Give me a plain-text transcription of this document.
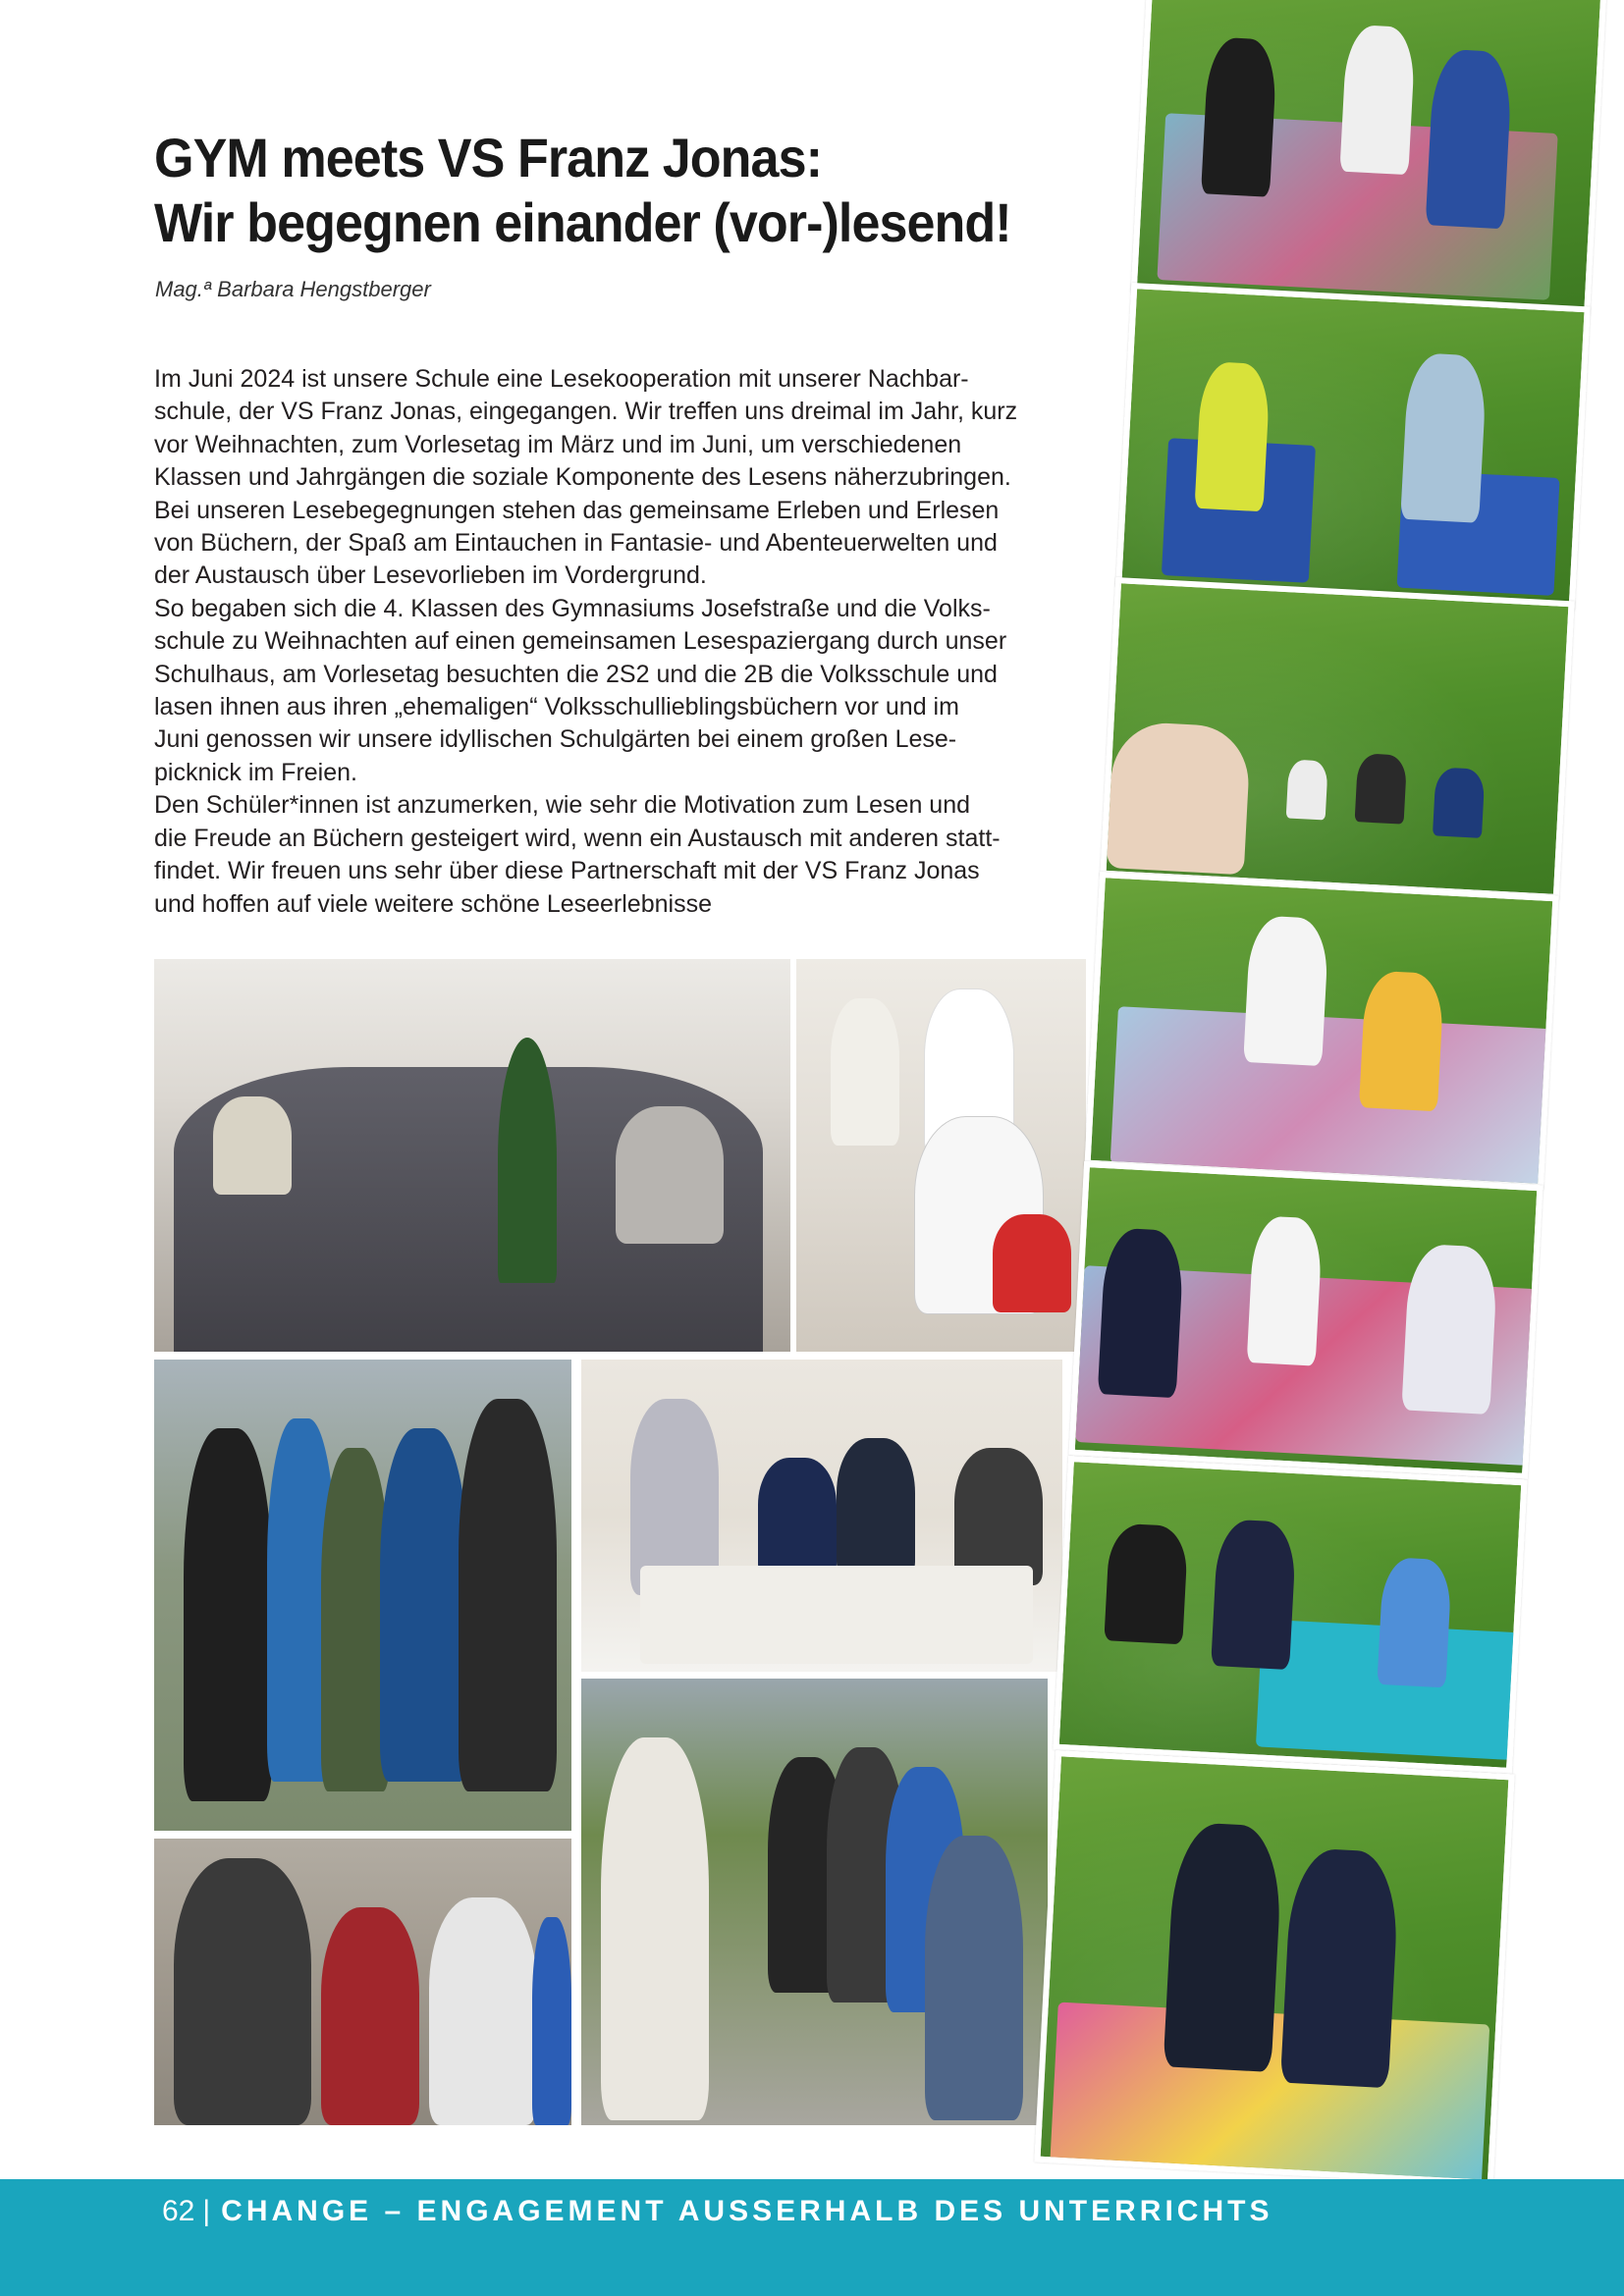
GYM meets VS Franz Jonas:
Wir begegnen einander (vor-)lesend!
Mag.ª Barbara Hengstberger

Im Juni 2024 ist unsere Schule eine Lesekooperation mit unserer Nachbar-

schule, der VS Franz Jonas, eingegangen. Wir treffen uns dreimal im Jahr, kurz

vor Weihnachten, zum Vorlesetag im März und im Juni, um verschiedenen

Klassen und Jahrgängen die soziale Komponente des Lesens näherzubringen.

Bei unseren Lesebegegnungen stehen das gemeinsame Erleben und Erlesen

von Büchern, der Spaß am Eintauchen in Fantasie- und Abenteuerwelten und

der Austausch über Lesevorlieben im Vordergrund.

So begaben sich die 4. Klassen des Gymnasiums Josefstraße und die Volks-

schule zu Weihnachten auf einen gemeinsamen Lesespaziergang durch unser

Schulhaus, am Vorlesetag besuchten die 2S2 und die 2B die Volksschule und

lasen ihnen aus ihren „ehemaligen“ Volksschullieblingsbüchern vor und im

Juni genossen wir unsere idyllischen Schulgärten bei einem großen Lese-

picknick im Freien.

Den Schüler*innen ist anzumerken, wie sehr die Motivation zum Lesen und

die Freude an Büchern gesteigert wird, wenn ein Austausch mit anderen statt-

findet. Wir freuen uns sehr über diese Partnerschaft mit der VS Franz Jonas

und hoffen auf viele weitere schöne Leseerlebnisse

62 | CHANGE – ENGAGEMENT AUSSERHALB DES UNTERRICHTS
